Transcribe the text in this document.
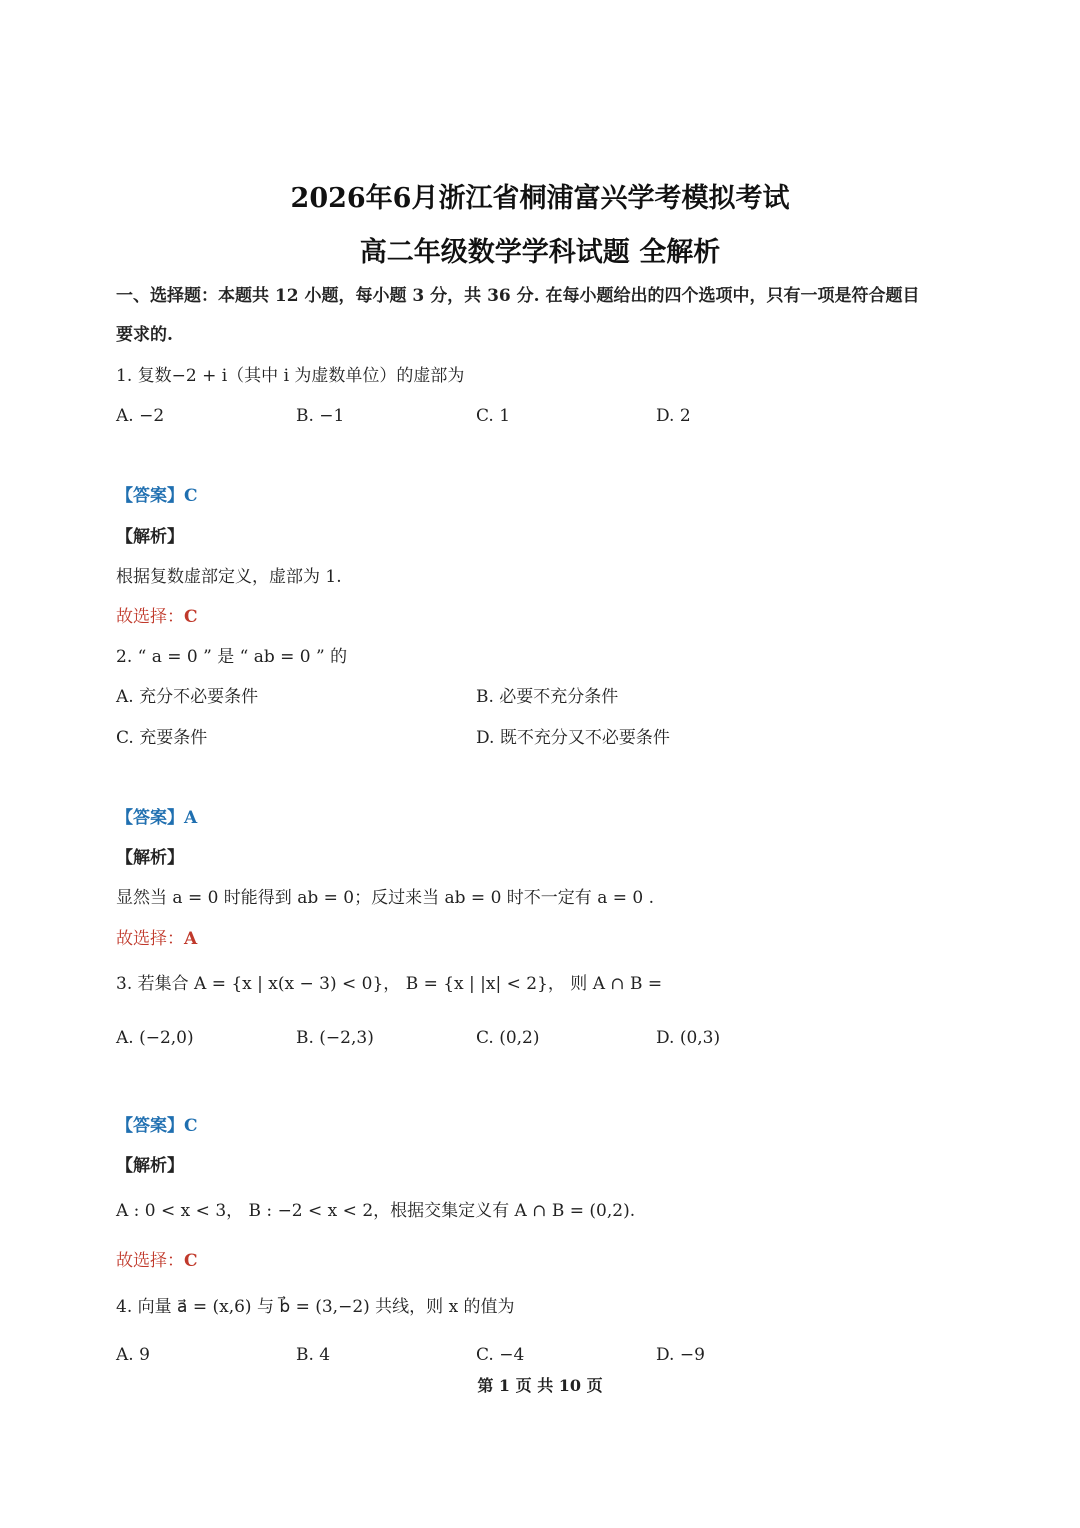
2026年6月浙江省桐浦富兴学考模拟考试
高二年级数学学科试题 全解析
一、选择题：本题共 12 小题，每小题 3 分，共 36 分. 在每小题给出的四个选项中，只有一项是符合题目
要求的.
1. 复数−2 + i（其中 i 为虚数单位）的虚部为
A. −2	B. −1	C. 1	D. 2
【答案】C
【解析】
根据复数虚部定义，虚部为 1.
故选择：C
2. “ a = 0 ” 是 “ ab = 0 ” 的
A. 充分不必要条件	B. 必要不充分条件
C. 充要条件	D. 既不充分又不必要条件
【答案】A
【解析】
显然当 a = 0 时能得到 ab = 0；反过来当 ab = 0 时不一定有 a = 0 .
故选择：A
3. 若集合 A = {x | x(x − 3) < 0}， B = {x | |x| < 2}， 则 A ∩ B =
A. (−2,0)	B. (−2,3)	C. (0,2)	D. (0,3)
【答案】C
【解析】
A : 0 < x < 3， B : −2 < x < 2，根据交集定义有 A ∩ B = (0,2).
故选择：C
4. 向量 a⃗ = (x,6) 与 b⃗ = (3,−2) 共线，则 x 的值为
A. 9	B. 4	C. −4	D. −9
第 1 页 共 10 页
